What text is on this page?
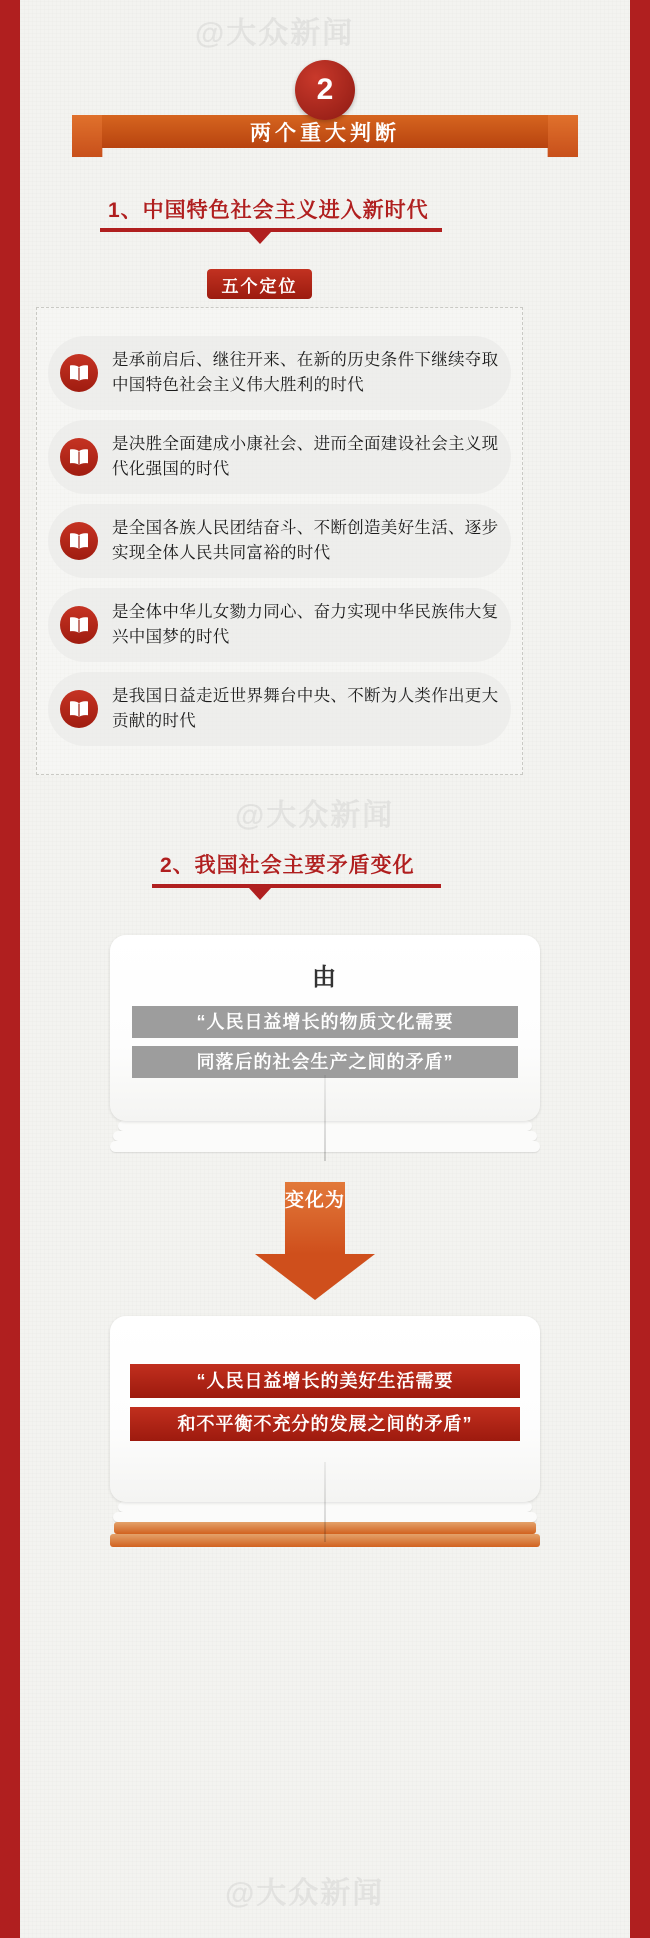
2
两个重大判断
1、中国特色社会主义进入新时代
五个定位
是承前启后、继往开来、在新的历史条件下继续夺取中国特色社会主义伟大胜利的时代
是决胜全面建成小康社会、进而全面建设社会主义现代化强国的时代
是全国各族人民团结奋斗、不断创造美好生活、逐步实现全体人民共同富裕的时代
是全体中华儿女勠力同心、奋力实现中华民族伟大复兴中国梦的时代
是我国日益走近世界舞台中央、不断为人类作出更大贡献的时代
2、我国社会主要矛盾变化
由
“人民日益增长的物质文化需要
同落后的社会生产之间的矛盾”
变化为
“人民日益增长的美好生活需要
和不平衡不充分的发展之间的矛盾”
